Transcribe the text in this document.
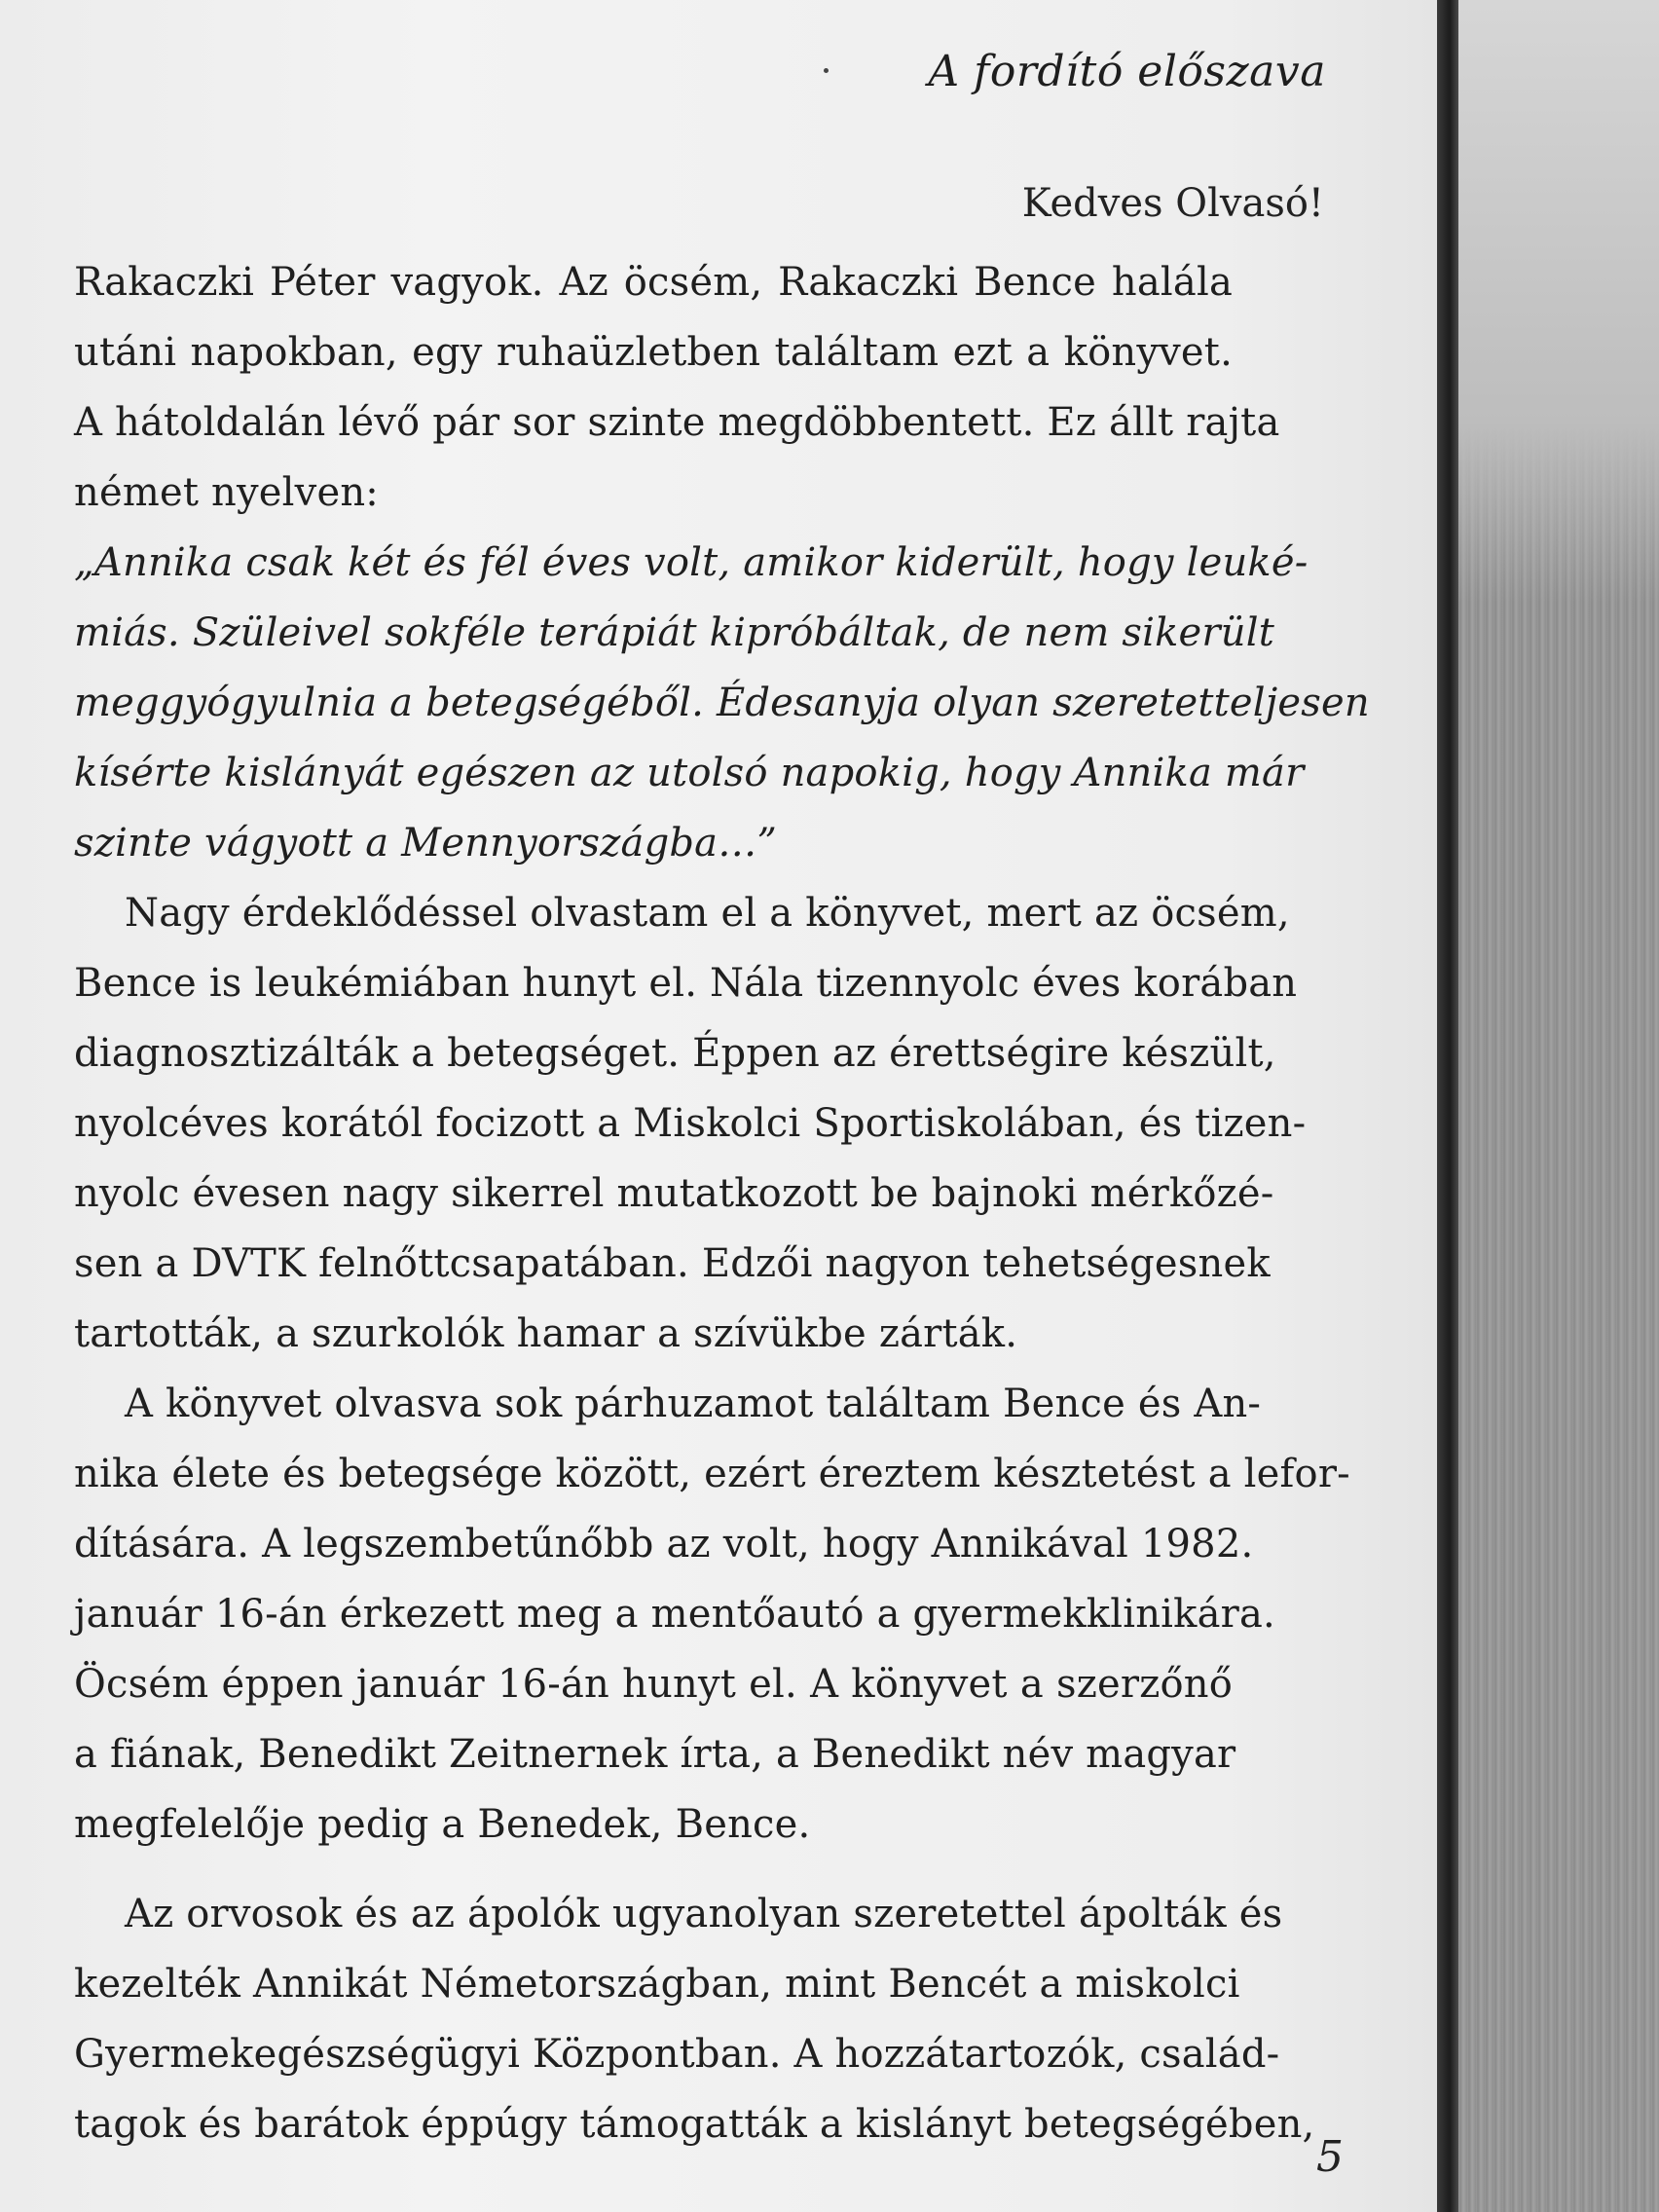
A fordító előszava
Kedves Olvasó!
Rakaczki Péter vagyok. Az öcsém, Rakaczki Bence halála
utáni napokban, egy ruhaüzletben találtam ezt a könyvet.
A hátoldalán lévő pár sor szinte megdöbbentett. Ez állt rajta
német nyelven:
„Annika csak két és fél éves volt, amikor kiderült, hogy leuké-
miás. Szüleivel sokféle terápiát kipróbáltak, de nem sikerült
meggyógyulnia a betegségéből. Édesanyja olyan szeretetteljesen
kísérte kislányát egészen az utolsó napokig, hogy Annika már
szinte vágyott a Mennyországba…”
Nagy érdeklődéssel olvastam el a könyvet, mert az öcsém,
Bence is leukémiában hunyt el. Nála tizennyolc éves korában
diagnosztizálták a betegséget. Éppen az érettségire készült,
nyolcéves korától focizott a Miskolci Sportiskolában, és tizen-
nyolc évesen nagy sikerrel mutatkozott be bajnoki mérkőzé-
sen a DVTK felnőttcsapatában. Edzői nagyon tehetségesnek
tartották, a szurkolók hamar a szívükbe zárták.
A könyvet olvasva sok párhuzamot találtam Bence és An-
nika élete és betegsége között, ezért éreztem késztetést a lefor-
dítására. A legszembetűnőbb az volt, hogy Annikával 1982.
január 16-án érkezett meg a mentőautó a gyermekklinikára.
Öcsém éppen január 16-án hunyt el. A könyvet a szerzőnő
a fiának, Benedikt Zeitnernek írta, a Benedikt név magyar
megfelelője pedig a Benedek, Bence.
Az orvosok és az ápolók ugyanolyan szeretettel ápolták és
kezelték Annikát Németországban, mint Bencét a miskolci
Gyermekegészségügyi Központban. A hozzátartozók, család-
tagok és barátok éppúgy támogatták a kislányt betegségében,
5
